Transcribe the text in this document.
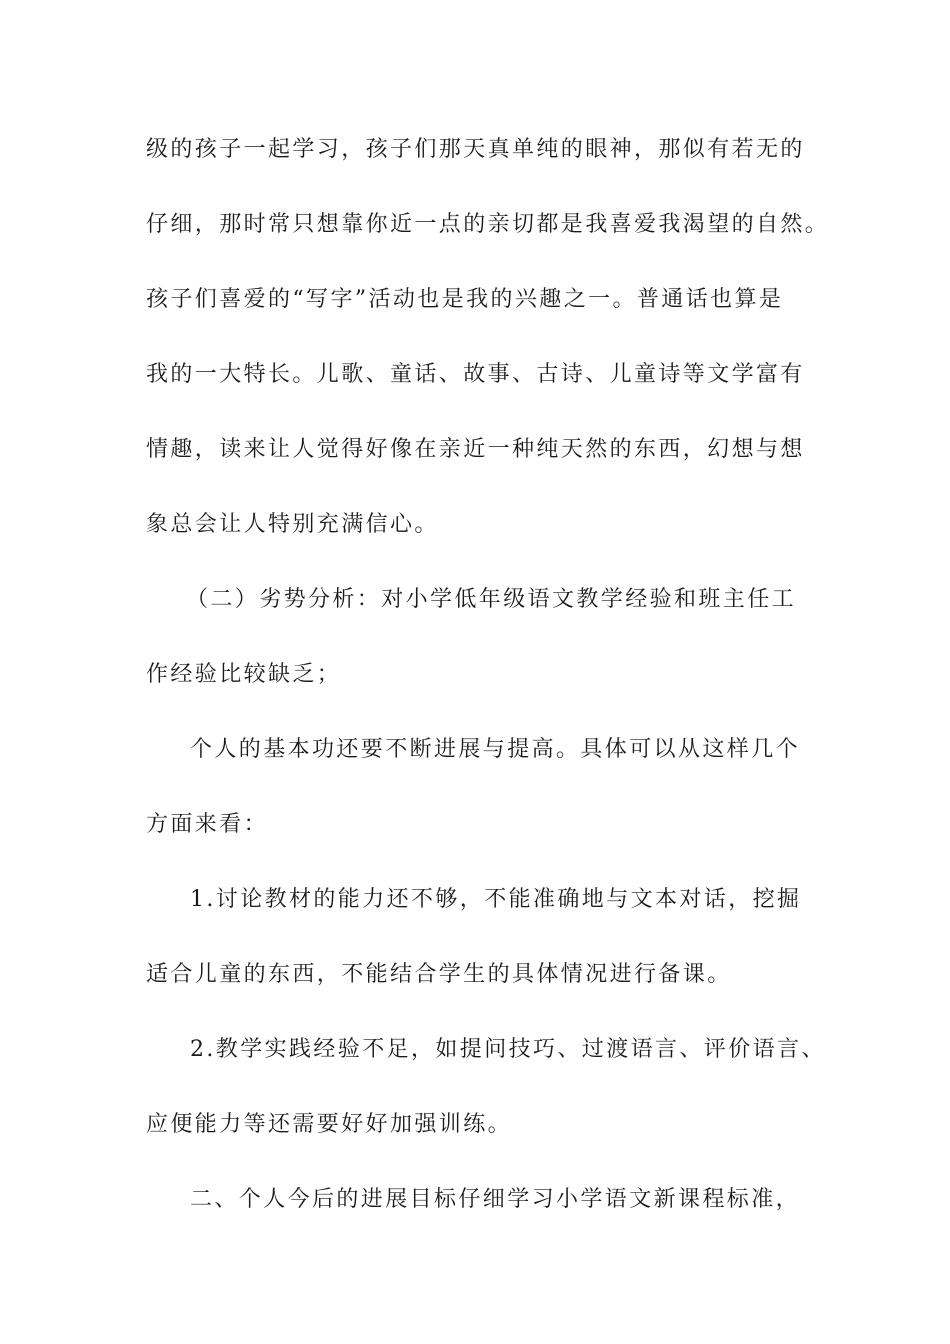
级的孩子一起学习，孩子们那天真单纯的眼神，那似有若无的
仔细，那时常只想靠你近一点的亲切都是我喜爱我渴望的自然。
孩子们喜爱的“写字”活动也是我的兴趣之一。普通话也算是
我的一大特长。儿歌、童话、故事、古诗、儿童诗等文学富有
情趣，读来让人觉得好像在亲近一种纯天然的东西，幻想与想
象总会让人特别充满信心。
（二）劣势分析：对小学低年级语文教学经验和班主任工
作经验比较缺乏；
个人的基本功还要不断进展与提高。具体可以从这样几个
方面来看：
1.讨论教材的能力还不够，不能准确地与文本对话，挖掘
适合儿童的东西，不能结合学生的具体情况进行备课。
2.教学实践经验不足，如提问技巧、过渡语言、评价语言、
应便能力等还需要好好加强训练。
二、个人今后的进展目标仔细学习小学语文新课程标准，
